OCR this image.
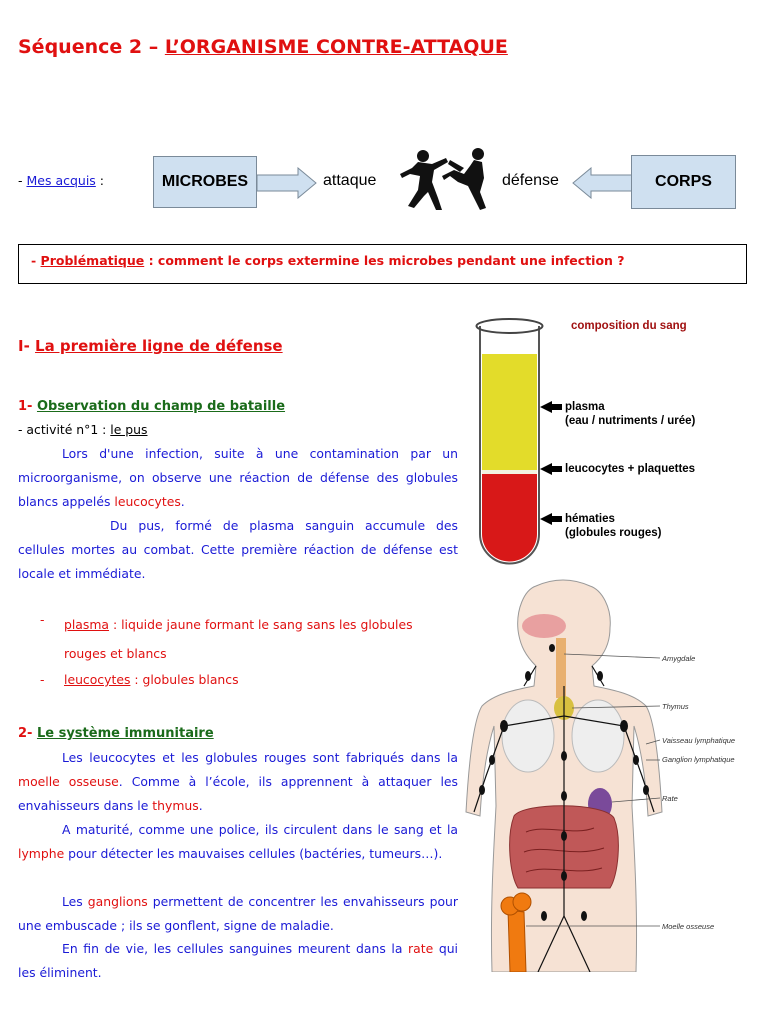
Séquence 2 – L’ORGANISME CONTRE-ATTAQUE
- Mes acquis :	MICROBES	attaque	défense	CORPS
- Problématique : comment le corps extermine les microbes pendant une infection ?
I- La première ligne de défense
1- Observation du champ de bataille
- activité n°1 : le pus
Lors d'une infection, suite à une contamination par un microorganisme, on observe une réaction de défense des globules blancs appelés leucocytes.
Du pus, formé de plasma sanguin accumule des cellules mortes au combat. Cette première réaction de défense est locale et immédiate.
- plasma : liquide jaune formant le sang sans les globules rouges et blancs
- leucocytes : globules blancs
2- Le système immunitaire
Les leucocytes et les globules rouges sont fabriqués dans la moelle osseuse. Comme à l’école, ils apprennent à attaquer les envahisseurs dans le thymus.
A maturité, comme une police, ils circulent dans le sang et la lymphe pour détecter les mauvaises cellules (bactéries, tumeurs…).
Les ganglions permettent de concentrer les envahisseurs pour une embuscade ; ils se gonflent, signe de maladie.
En fin de vie, les cellules sanguines meurent dans la rate qui les éliminent.
composition du sang
plasma
(eau / nutriments / urée)
leucocytes + plaquettes
hématies
(globules rouges)
Amygdale
Thymus
Vaisseau lymphatique
Ganglion lymphatique
Rate
Moelle osseuse
